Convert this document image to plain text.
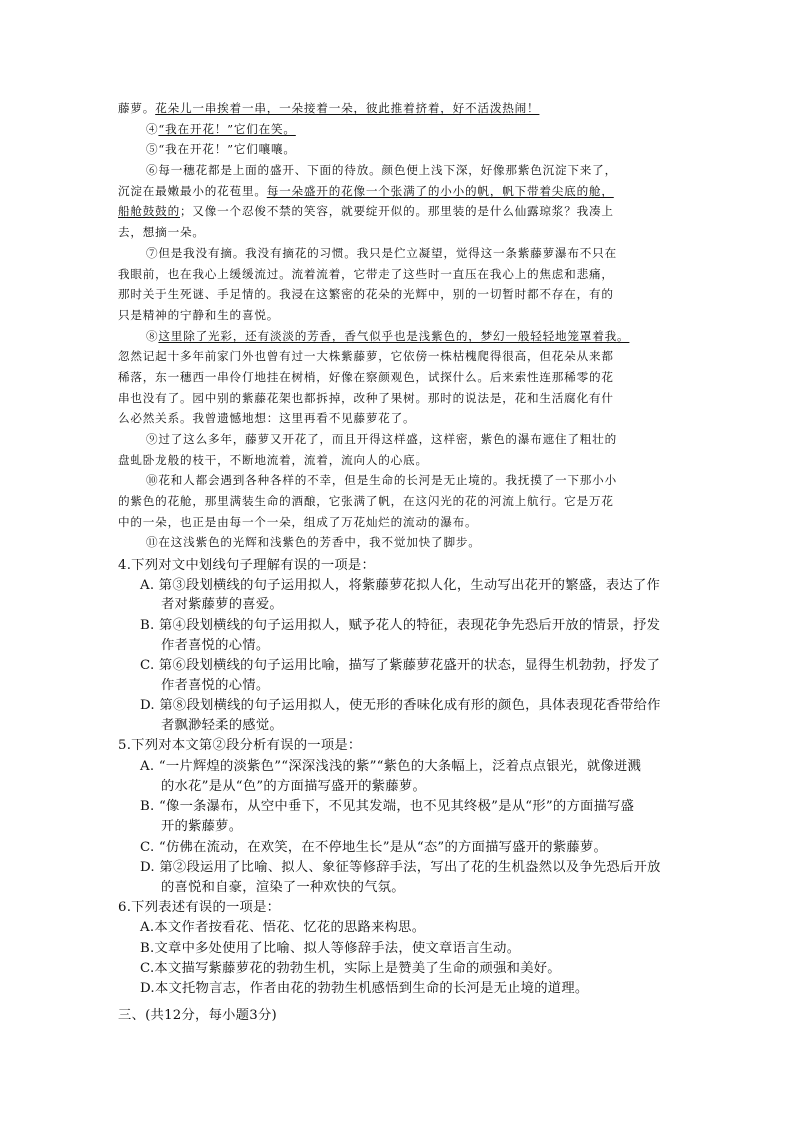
藤萝。花朵儿一串挨着一串，一朵接着一朵，彼此推着挤着，好不活泼热闹！
④“我在开花！”它们在笑。
⑤“我在开花！”它们嚷嚷。
⑥每一穗花都是上面的盛开、下面的待放。颜色便上浅下深，好像那紫色沉淀下来了，
沉淀在最嫩最小的花苞里。每一朵盛开的花像一个张满了的小小的帆，帆下带着尖底的舱，
船舱鼓鼓的；又像一个忍俊不禁的笑容，就要绽开似的。那里装的是什么仙露琼浆？我凑上
去，想摘一朵。
⑦但是我没有摘。我没有摘花的习惯。我只是伫立凝望，觉得这一条紫藤萝瀑布不只在
我眼前，也在我心上缓缓流过。流着流着，它带走了这些时一直压在我心上的焦虑和悲痛，
那时关于生死谜、手足情的。我浸在这繁密的花朵的光辉中，别的一切暂时都不存在，有的
只是精神的宁静和生的喜悦。
⑧这里除了光彩，还有淡淡的芳香，香气似乎也是浅紫色的，梦幻一般轻轻地笼罩着我。
忽然记起十多年前家门外也曾有过一大株紫藤萝，它依傍一株枯槐爬得很高，但花朵从来都
稀落，东一穗西一串伶仃地挂在树梢，好像在察颜观色，试探什么。后来索性连那稀零的花
串也没有了。园中别的紫藤花架也都拆掉，改种了果树。那时的说法是，花和生活腐化有什
么必然关系。我曾遗憾地想：这里再看不见藤萝花了。
⑨过了这么多年，藤萝又开花了，而且开得这样盛，这样密，紫色的瀑布遮住了粗壮的
盘虬卧龙般的枝干，不断地流着，流着，流向人的心底。
⑩花和人都会遇到各种各样的不幸，但是生命的长河是无止境的。我抚摸了一下那小小
的紫色的花舱，那里满装生命的酒酿，它张满了帆，在这闪光的花的河流上航行。它是万花
中的一朵，也正是由每一个一朵，组成了万花灿烂的流动的瀑布。
⑪在这浅紫色的光辉和浅紫色的芳香中，我不觉加快了脚步。
4.下列对文中划线句子理解有误的一项是：
A. 第③段划横线的句子运用拟人，将紫藤萝花拟人化，生动写出花开的繁盛，表达了作
者对紫藤萝的喜爱。
B. 第④段划横线的句子运用拟人，赋予花人的特征，表现花争先恐后开放的情景，抒发
作者喜悦的心情。
C. 第⑥段划横线的句子运用比喻，描写了紫藤萝花盛开的状态，显得生机勃勃，抒发了
作者喜悦的心情。
D. 第⑧段划横线的句子运用拟人，使无形的香味化成有形的颜色，具体表现花香带给作
者飘渺轻柔的感觉。
5.下列对本文第②段分析有误的一项是：
A. “一片辉煌的淡紫色”“深深浅浅的紫”“紫色的大条幅上，泛着点点银光，就像迸溅
的水花”是从“色”的方面描写盛开的紫藤萝。
B. “像一条瀑布，从空中垂下，不见其发端，也不见其终极”是从“形”的方面描写盛
开的紫藤萝。
C. “仿佛在流动，在欢笑，在不停地生长”是从“态”的方面描写盛开的紫藤萝。
D. 第②段运用了比喻、拟人、象征等修辞手法，写出了花的生机盎然以及争先恐后开放
的喜悦和自豪，渲染了一种欢快的气氛。
6.下列表述有误的一项是：
A.本文作者按看花、悟花、忆花的思路来构思。
B.文章中多处使用了比喻、拟人等修辞手法，使文章语言生动。
C.本文描写紫藤萝花的勃勃生机，实际上是赞美了生命的顽强和美好。
D.本文托物言志，作者由花的勃勃生机感悟到生命的长河是无止境的道理。
三、(共12分，每小题3分)
